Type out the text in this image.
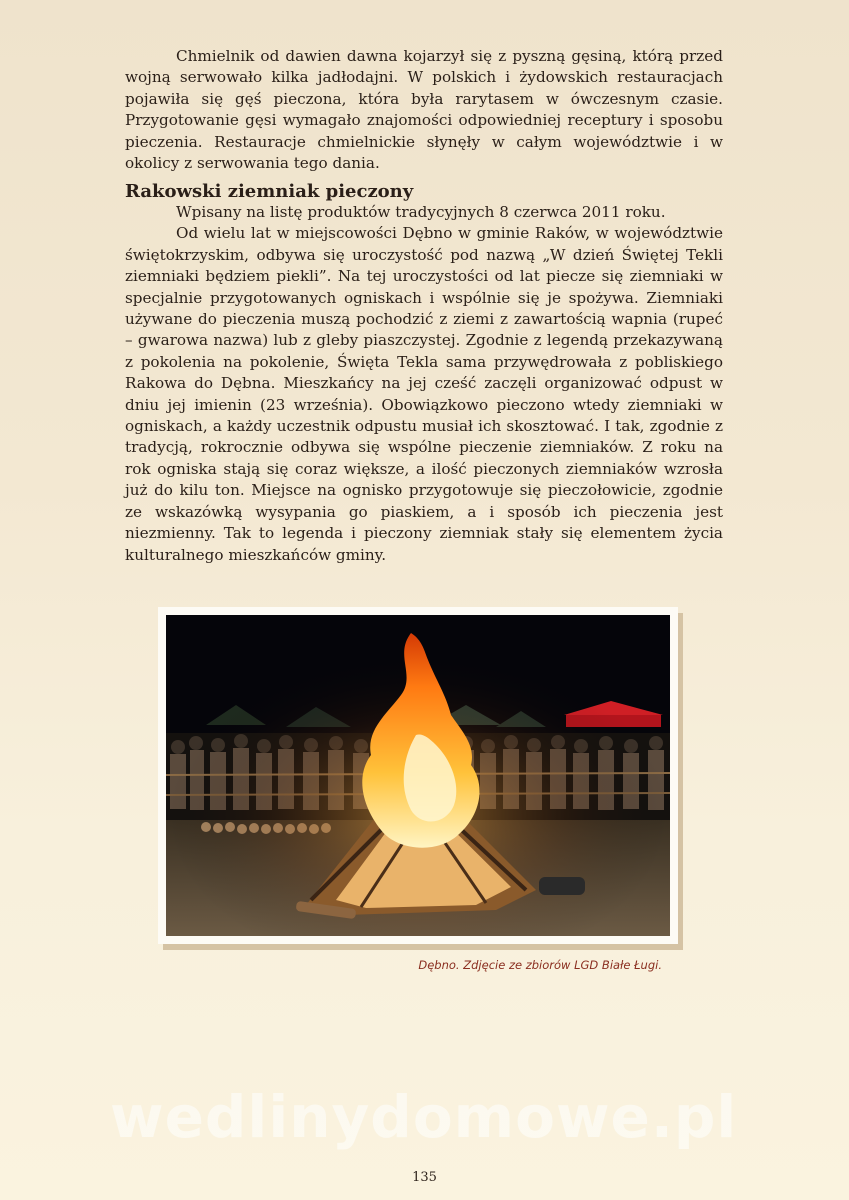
Chmielnik od dawien dawna kojarzył się z pyszną gęsiną, którą przed wojną serwowało kilka jadłodajni. W polskich i żydowskich restauracjach pojawiła się gęś pieczona, która była rarytasem w ówczesnym czasie. Przygotowanie gęsi wymagało znajomości odpowiedniej receptury i sposobu pieczenia. Restauracje chmielnickie słynęły w całym województwie i w okolicy z serwowania tego dania.

Rakowski ziemniak pieczony

Wpisany na listę produktów tradycyjnych 8 czerwca 2011 roku.

Od wielu lat w miejscowości Dębno w gminie Raków, w województwie świętokrzyskim, odbywa się uroczystość pod nazwą „W dzień Świętej Tekli ziemniaki będziem piekli”. Na tej uroczystości od lat piecze się ziemniaki w specjalnie przygotowanych ogniskach i wspólnie się je spożywa. Ziemniaki używane do pieczenia muszą pochodzić z ziemi z zawartością wapnia (rupeć – gwarowa nazwa) lub z gleby piaszczystej. Zgodnie z legendą przekazywaną z pokolenia na pokolenie, Święta Tekla sama przywędrowała z pobliskiego Rakowa do Dębna. Mieszkańcy na jej cześć zaczęli organizować odpust w dniu jej imienin (23 września). Obowiązkowo pieczono wtedy ziemniaki w ogniskach, a każdy uczestnik odpustu musiał ich skosztować. I tak, zgodnie z tradycją, rokrocznie odbywa się wspólne pieczenie ziemniaków. Z roku na rok ogniska stają się coraz większe, a ilość pieczonych ziemniaków wzrosła już do kilu ton. Miejsce na ognisko przygotowuje się pieczołowicie, zgodnie ze wskazówką wysypania go piaskiem, a i sposób ich pieczenia jest niezmienny. Tak to legenda i pieczony ziemniak stały się elementem życia kulturalnego mieszkańców gminy.

Dębno. Zdjęcie ze zbiorów LGD Białe Ługi.
wedlinydomowe.pl
135
